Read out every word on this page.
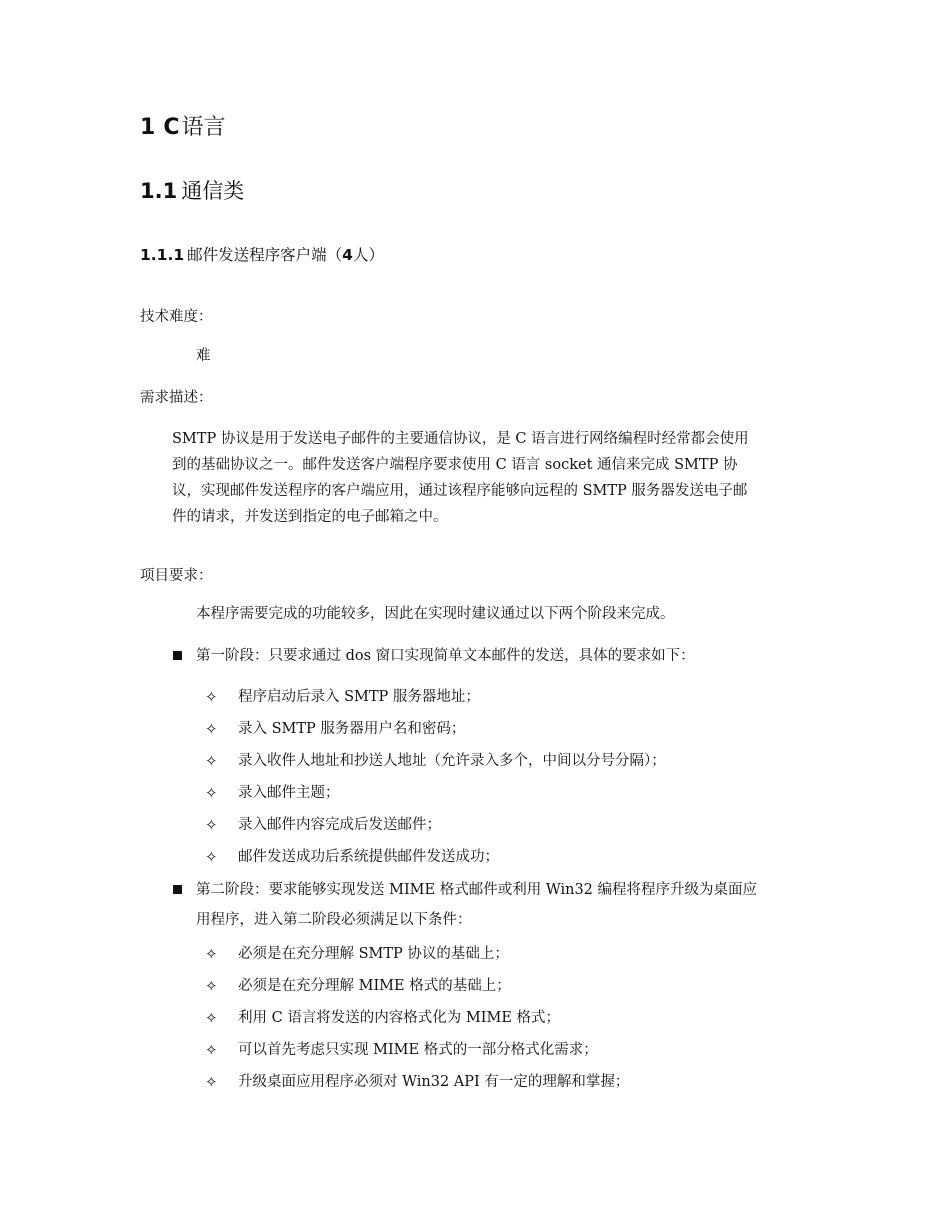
1 C语言
1.1 通信类
1.1.1 邮件发送程序客户端（4人）
技术难度：
难
需求描述：
SMTP 协议是用于发送电子邮件的主要通信协议，是 C 语言进行网络编程时经常都会使用
到的基础协议之一。邮件发送客户端程序要求使用 C 语言 socket 通信来完成 SMTP 协
议，实现邮件发送程序的客户端应用，通过该程序能够向远程的 SMTP 服务器发送电子邮
件的请求，并发送到指定的电子邮箱之中。
项目要求：
本程序需要完成的功能较多，因此在实现时建议通过以下两个阶段来完成。
第一阶段：只要求通过 dos 窗口实现简单文本邮件的发送，具体的要求如下：
✧ 程序启动后录入 SMTP 服务器地址；
✧ 录入 SMTP 服务器用户名和密码；
✧ 录入收件人地址和抄送人地址（允许录入多个，中间以分号分隔）；
✧ 录入邮件主题；
✧ 录入邮件内容完成后发送邮件；
✧ 邮件发送成功后系统提供邮件发送成功；
第二阶段：要求能够实现发送 MIME 格式邮件或利用 Win32 编程将程序升级为桌面应
用程序，进入第二阶段必须满足以下条件：
✧ 必须是在充分理解 SMTP 协议的基础上；
✧ 必须是在充分理解 MIME 格式的基础上；
✧ 利用 C 语言将发送的内容格式化为 MIME 格式；
✧ 可以首先考虑只实现 MIME 格式的一部分格式化需求；
✧ 升级桌面应用程序必须对 Win32 API 有一定的理解和掌握；
